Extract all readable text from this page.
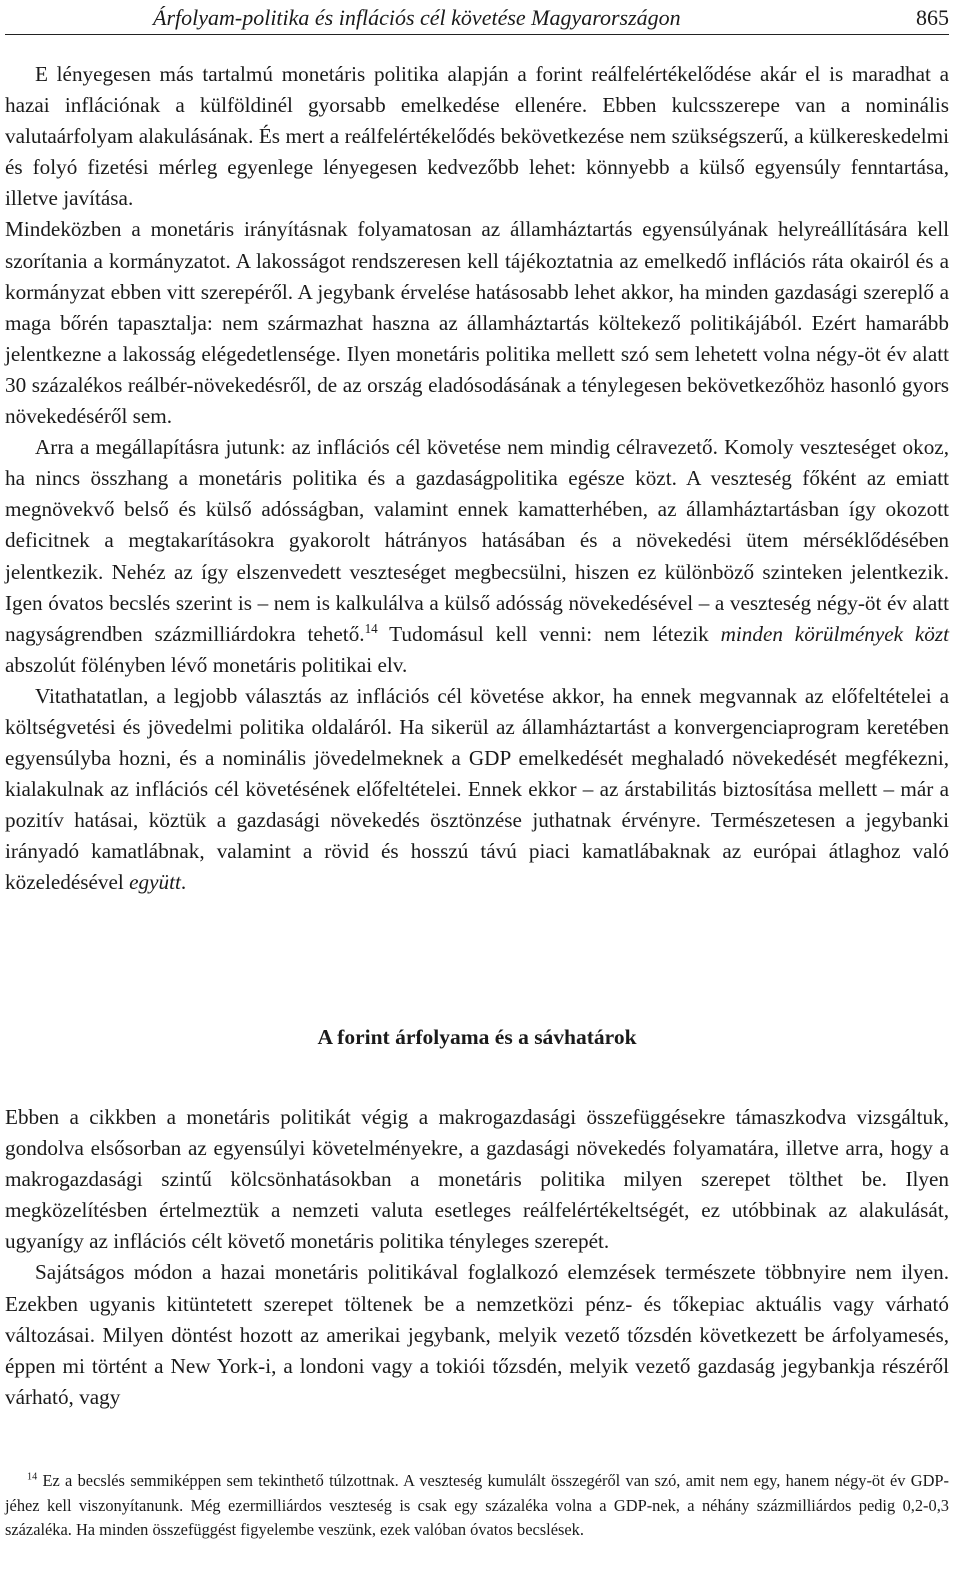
Árfolyam-politika és inflációs cél követése Magyarországon	865

E lényegesen más tartalmú monetáris politika alapján a forint reálfelértékelődése akár el is maradhat a hazai inflációnak a külföldinél gyorsabb emelkedése ellenére. Ebben kulcsszerepe van a nominális valutaárfolyam alakulásának. És mert a reálfelértékelődés bekövetkezése nem szükségszerű, a külkereskedelmi és folyó fizetési mérleg egyenlege lényegesen kedvezőbb lehet: könnyebb a külső egyensúly fenntartása, illetve javítása.

Mindeközben a monetáris irányításnak folyamatosan az államháztartás egyensúlyának helyreállítására kell szorítania a kormányzatot. A lakosságot rendszeresen kell tájékoztatnia az emelkedő inflációs ráta okairól és a kormányzat ebben vitt szerepéről. A jegybank érvelése hatásosabb lehet akkor, ha minden gazdasági szereplő a maga bőrén tapasztalja: nem származhat haszna az államháztartás költekező politikájából. Ezért hamarább jelentkezne a lakosság elégedetlensége. Ilyen monetáris politika mellett szó sem lehetett volna négy-öt év alatt 30 százalékos reálbér-növekedésről, de az ország eladósodásának a ténylegesen bekövetkezőhöz hasonló gyors növekedéséről sem.

Arra a megállapításra jutunk: az inflációs cél követése nem mindig célravezető. Komoly veszteséget okoz, ha nincs összhang a monetáris politika és a gazdaságpolitika egésze közt. A veszteség főként az emiatt megnövekvő belső és külső adósságban, valamint ennek kamatterhében, az államháztartásban így okozott deficitnek a megtakarításokra gyakorolt hátrányos hatásában és a növekedési ütem mérséklődésében jelentkezik. Nehéz az így elszenvedett veszteséget megbecsülni, hiszen ez különböző szinteken jelentkezik. Igen óvatos becslés szerint is – nem is kalkulálva a külső adósság növekedésével – a veszteség négy-öt év alatt nagyságrendben százmilliárdokra tehető.$^{14}$ Tudomásul kell venni: nem létezik minden körülmények közt abszolút fölényben lévő monetáris politikai elv.

Vitathatatlan, a legjobb választás az inflációs cél követése akkor, ha ennek megvannak az előfeltételei a költségvetési és jövedelmi politika oldaláról. Ha sikerül az államháztartást a konvergenciaprogram keretében egyensúlyba hozni, és a nominális jövedelmeknek a GDP emelkedését meghaladó növekedését megfékezni, kialakulnak az inflációs cél követésének előfeltételei. Ennek ekkor – az árstabilitás biztosítása mellett – már a pozitív hatásai, köztük a gazdasági növekedés ösztönzése juthatnak érvényre. Természetesen a jegybanki irányadó kamatlábnak, valamint a rövid és hosszú távú piaci kamatlábaknak az európai átlaghoz való közeledésével együtt.

A forint árfolyama és a sávhatárok

Ebben a cikkben a monetáris politikát végig a makrogazdasági összefüggésekre támaszkodva vizsgáltuk, gondolva elsősorban az egyensúlyi követelményekre, a gazdasági növekedés folyamatára, illetve arra, hogy a makrogazdasági szintű kölcsönhatásokban a monetáris politika milyen szerepet tölthet be. Ilyen megközelítésben értelmeztük a nemzeti valuta esetleges reálfelértékeltségét, ez utóbbinak az alakulását, ugyanígy az inflációs célt követő monetáris politika tényleges szerepét.

Sajátságos módon a hazai monetáris politikával foglalkozó elemzések természete többnyire nem ilyen. Ezekben ugyanis kitüntetett szerepet töltenek be a nemzetközi pénz- és tőkepiac aktuális vagy várható változásai. Milyen döntést hozott az amerikai jegybank, melyik vezető tőzsdén következett be árfolyamesés, éppen mi történt a New York-i, a londoni vagy a tokiói tőzsdén, melyik vezető gazdaság jegybankja részéről várható, vagy

$^{14}$ Ez a becslés semmiképpen sem tekinthető túlzottnak. A veszteség kumulált összegéről van szó, amit nem egy, hanem négy-öt év GDP-jéhez kell viszonyítanunk. Még ezermilliárdos veszteség is csak egy százaléka volna a GDP-nek, a néhány százmilliárdos pedig 0,2-0,3 százaléka. Ha minden összefüggést figyelembe veszünk, ezek valóban óvatos becslések.
